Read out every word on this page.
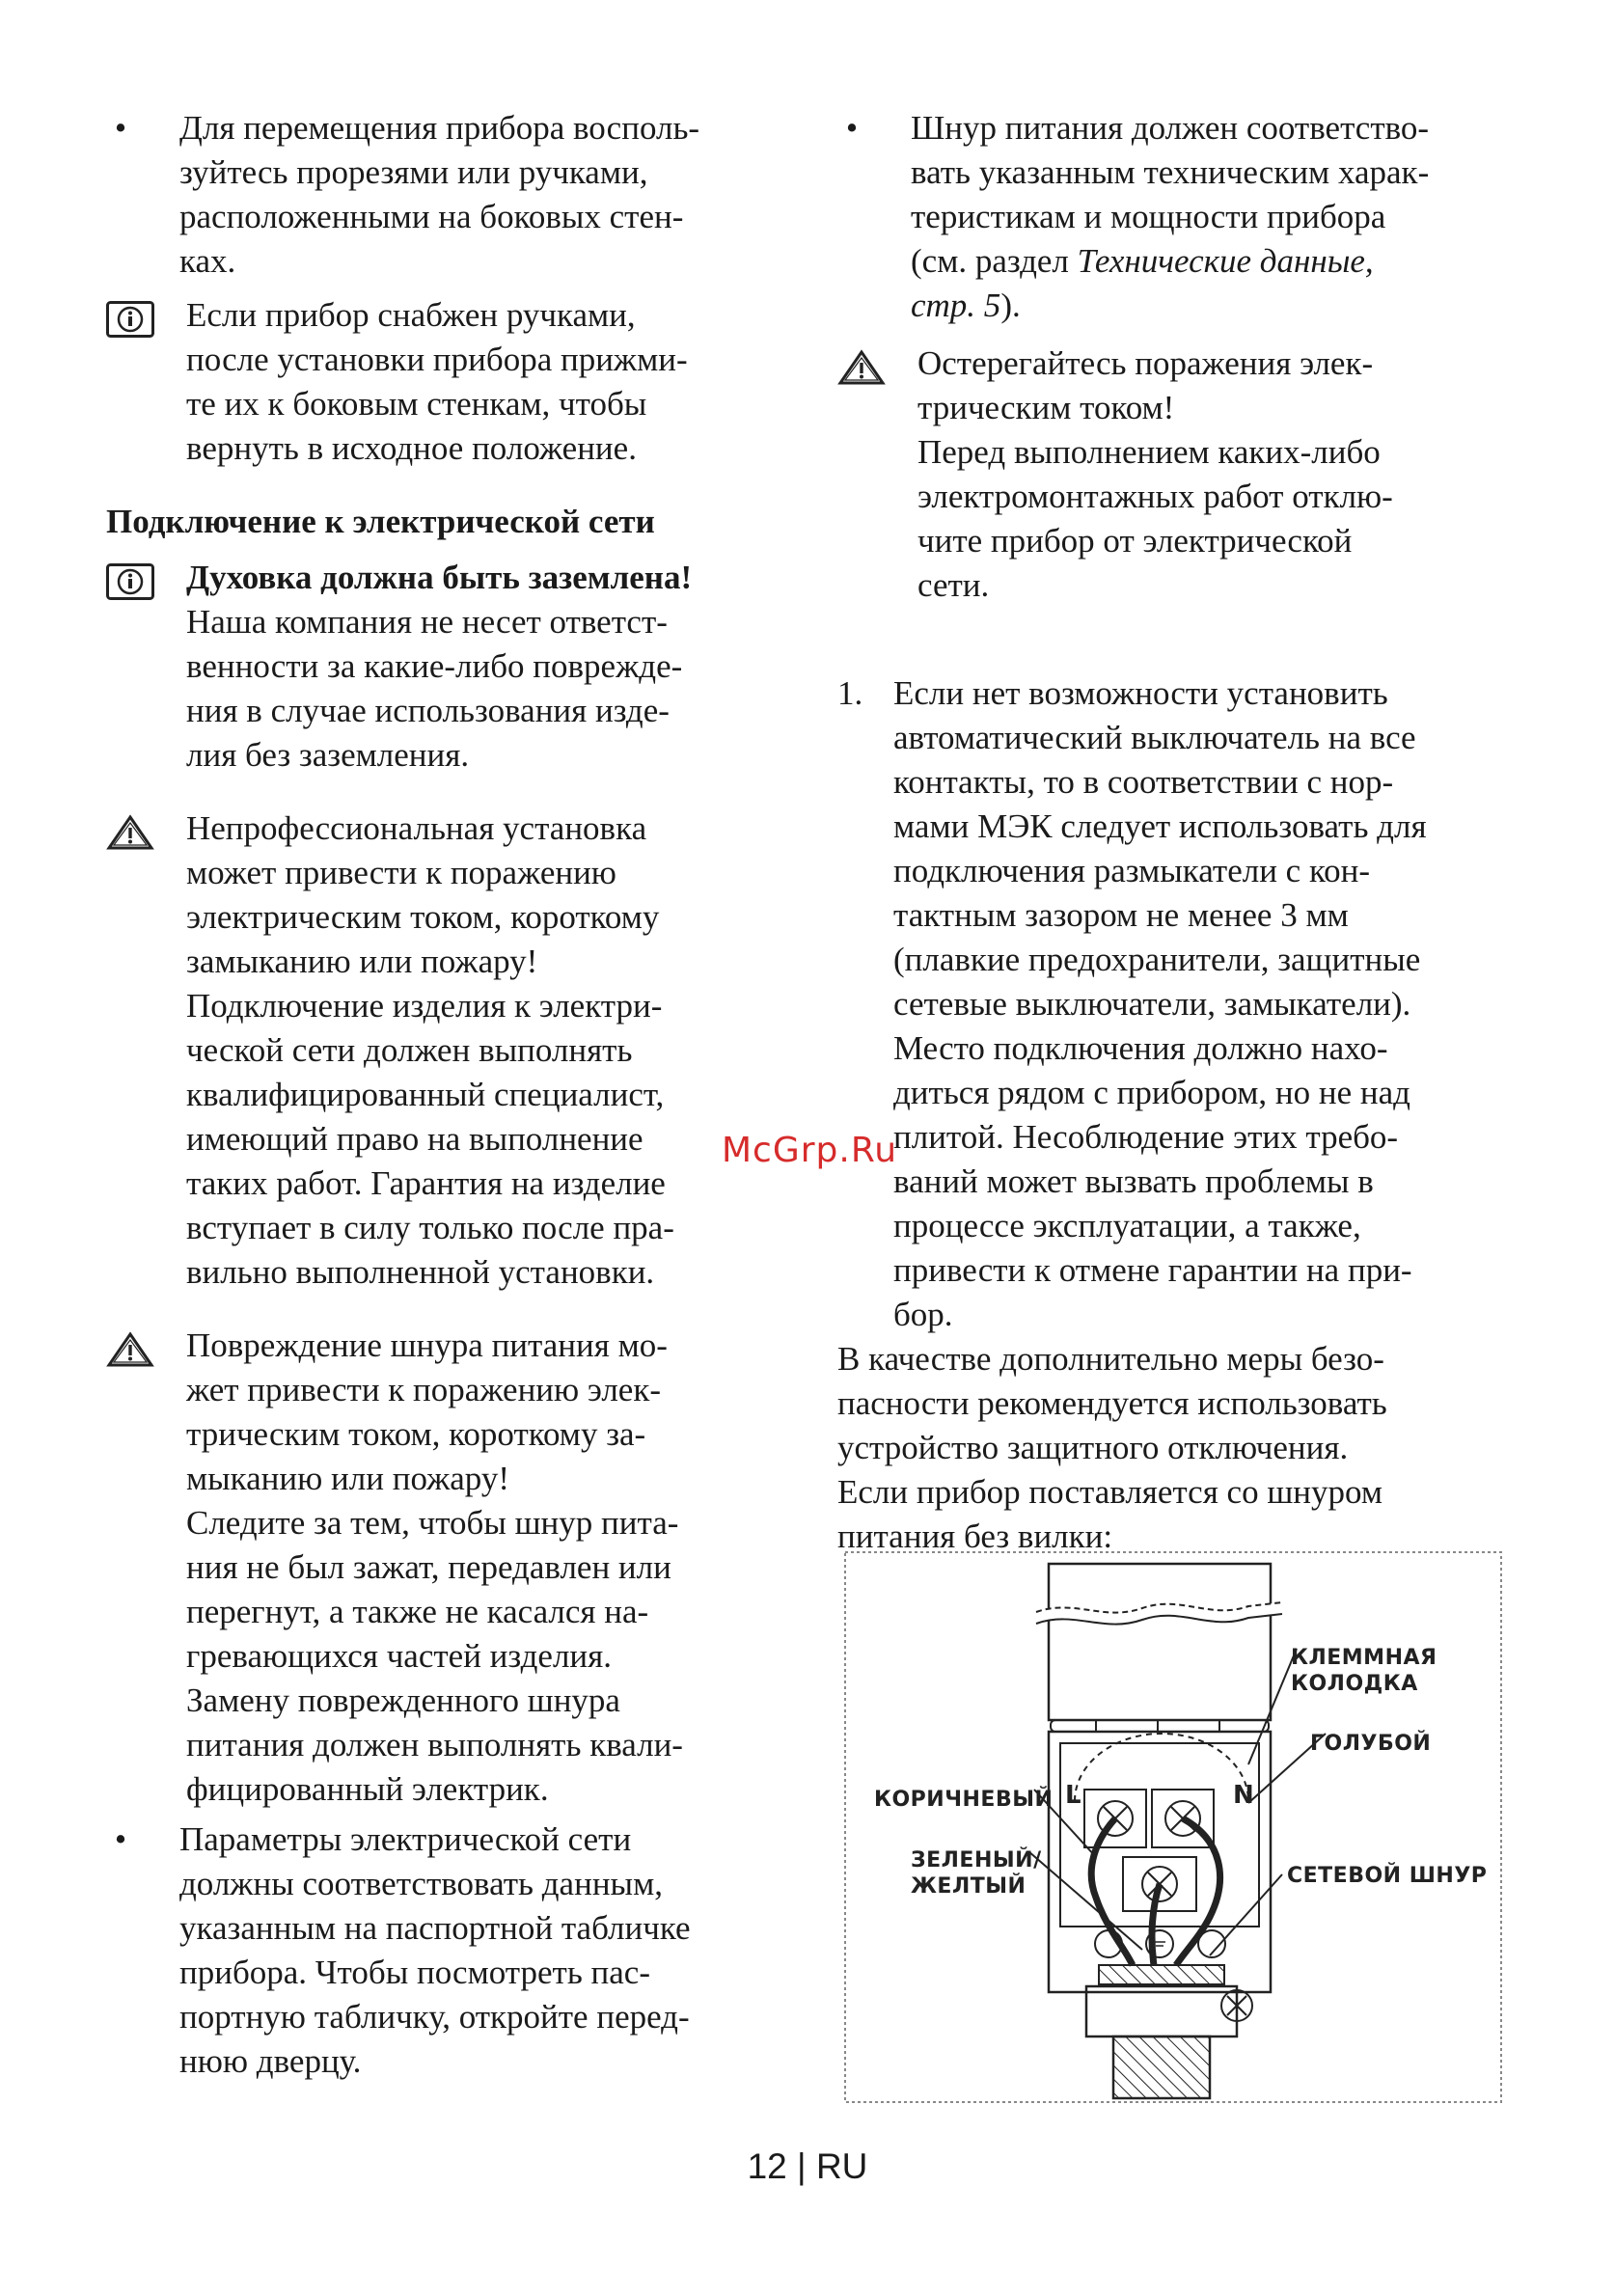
• Для перемещения прибора восполь-
зуйтесь прорезями или ручками,
расположенными на боковых стен-
ках.
Если прибор снабжен ручками,
после установки прибора прижми-
те их к боковым стенкам, чтобы
вернуть в исходное положение.
Подключение к электрической сети
Духовка должна быть заземлена!
Наша компания не несет ответст-
венности за какие-либо поврежде-
ния в случае использования изде-
лия без заземления.
Непрофессиональная установка
может привести к поражению
электрическим током, короткому
замыканию или пожару!
Подключение изделия к электри-
ческой сети должен выполнять
квалифицированный специалист,
имеющий право на выполнение
таких работ. Гарантия на изделие
вступает в силу только после пра-
вильно выполненной установки.
Повреждение шнура питания мо-
жет привести к поражению элек-
трическим током, короткому за-
мыканию или пожару!
Следите за тем, чтобы шнур пита-
ния не был зажат, передавлен или
перегнут, а также не касался на-
гревающихся частей изделия.
Замену поврежденного шнура
питания должен выполнять квали-
фицированный электрик.
• Параметры электрической сети
должны соответствовать данным,
указанным на паспортной табличке
прибора. Чтобы посмотреть пас-
портную табличку, откройте перед-
нюю дверцу.
• Шнур питания должен соответство-
вать указанным техническим харак-
теристикам и мощности прибора
(см. раздел Технические данные,
стр. 5).
Остерегайтесь поражения элек-
трическим током!
Перед выполнением каких-либо
электромонтажных работ отклю-
чите прибор от электрической
сети.
1. Если нет возможности установить
автоматический выключатель на все
контакты, то в соответствии с нор-
мами МЭК следует использовать для
подключения размыкатели с кон-
тактным зазором не менее 3 мм
(плавкие предохранители, защитные
сетевые выключатели, замыкатели).
Место подключения должно нахо-
диться рядом с прибором, но не над
плитой. Несоблюдение этих требо-
ваний может вызвать проблемы в
процессе эксплуатации, а также,
привести к отмене гарантии на при-
бор.
В качестве дополнительно меры безо-
пасности рекомендуется использовать
устройство защитного отключения.
Если прибор поставляется со шнуром
питания без вилки:
McGrp.Ru
L	N
КЛЕММНАЯ
КОЛОДКА
ГОЛУБОЙ
КОРИЧНЕВЫЙ
ЗЕЛЕНЫЙ/
ЖЕЛТЫЙ	СЕТЕВОЙ ШНУР
12 | RU
